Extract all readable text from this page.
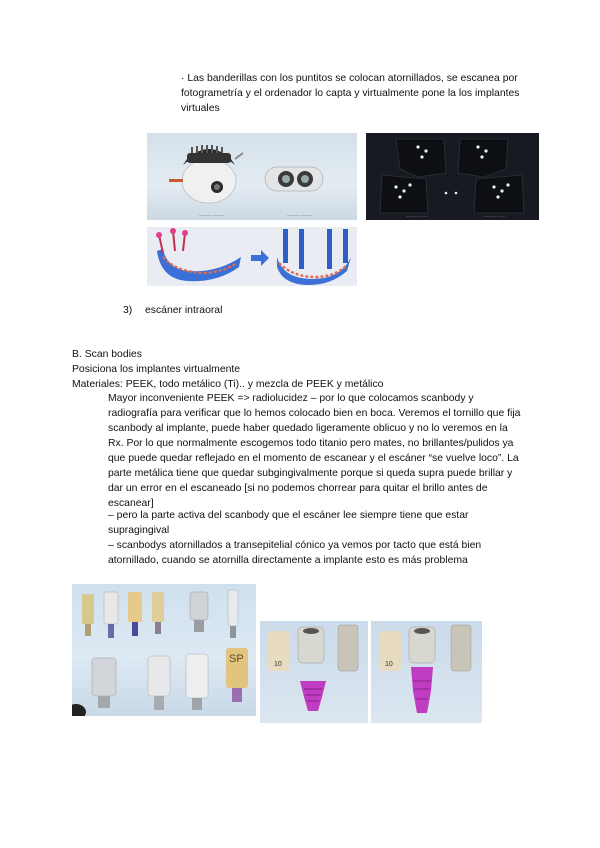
· Las banderillas con los puntitos se colocan atornillados, se escanea por fotogrametría y el ordenador lo capta y virtualmente pone la los implantes virtuales

——— ———	——— ———	——— ——	——— ——
3) escáner intraoral

B. Scan bodies

Posiciona los implantes virtualmente

Materiales: PEEK, todo metálico (Ti).. y mezcla de PEEK y metálico

Mayor inconveniente PEEK => radiolucidez – por lo que colocamos scanbody y radiografía para verificar que lo hemos colocado bien en boca. Veremos el tornillo que fija scanbody al implante, puede haber quedado ligeramente oblicuo y no lo veremos en la Rx. Por lo que normalmente escogemos todo titanio pero mates, no brillantes/pulidos ya que puede quedar reflejado en el momento de escanear y el escáner “se vuelve loco”. La parte metálica tiene que quedar subgingivalmente porque si queda supra puede brillar y dar un error en el escaneado [si no podemos chorrear para quitar el brillo antes de escanear]

– pero la parte activa del scanbody que el escáner lee siempre tiene que estar supragingival

– scanbodys atornillados a transepitelial cónico ya vemos por tacto que está bien atornillado, cuando se atornilla directamente a implante esto es más problema

SP	10	10
